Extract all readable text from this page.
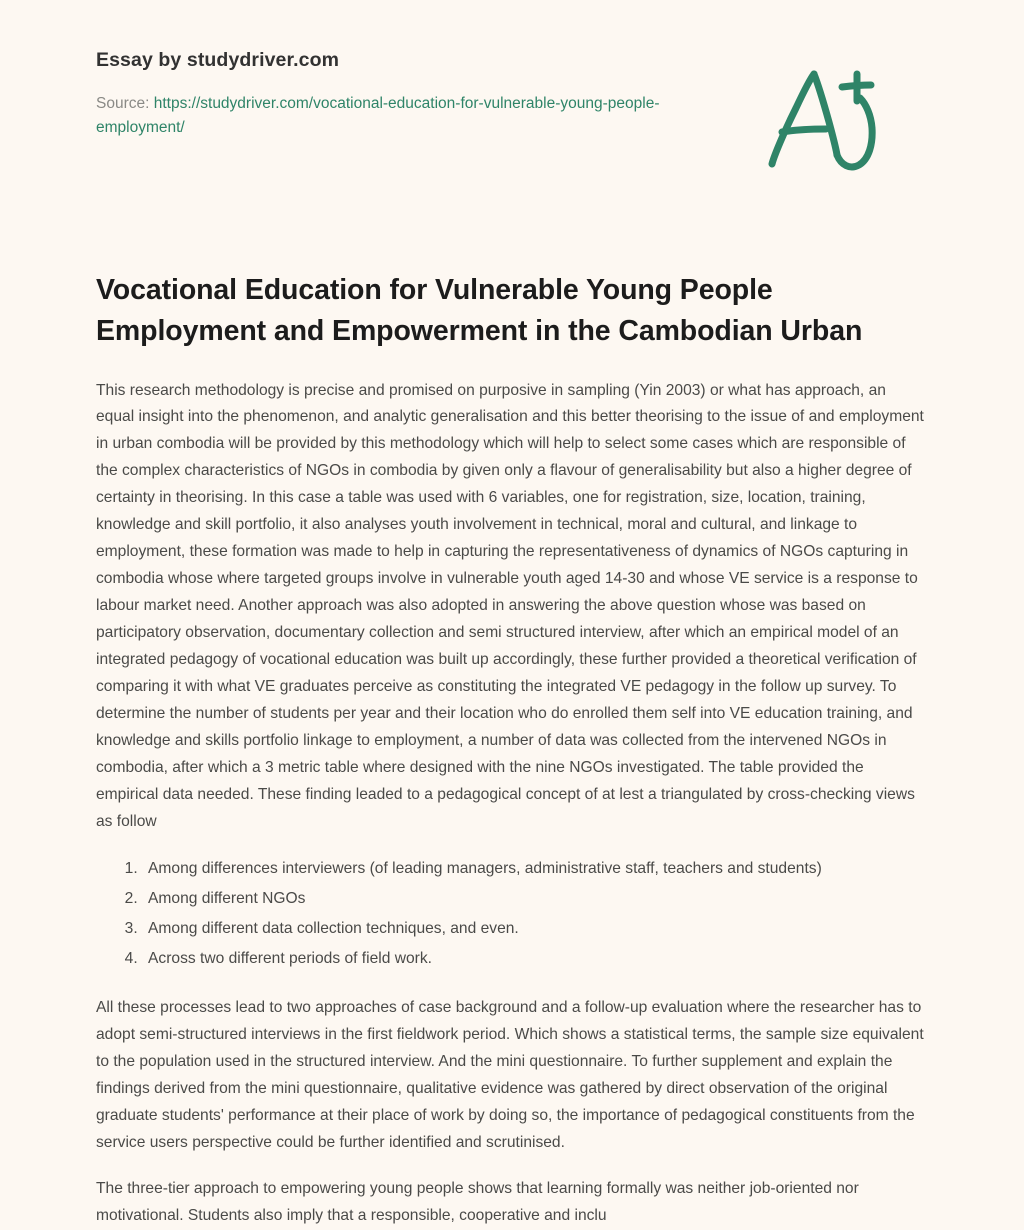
Essay by studydriver.com
Source: https://studydriver.com/vocational-education-for-vulnerable-young-people-employment/
Vocational Education for Vulnerable Young People Employment and Empowerment in the Cambodian Urban

This research methodology is precise and promised on purposive in sampling (Yin 2003) or what has approach, an equal insight into the phenomenon, and analytic generalisation and this better theorising to the issue of and employment in urban combodia will be provided by this methodology which will help to select some cases which are responsible of the complex characteristics of NGOs in combodia by given only a flavour of generalisability but also a higher degree of certainty in theorising. In this case a table was used with 6 variables, one for registration, size, location, training, knowledge and skill portfolio, it also analyses youth involvement in technical, moral and cultural, and linkage to employment, these formation was made to help in capturing the representativeness of dynamics of NGOs capturing in combodia whose where targeted groups involve in vulnerable youth aged 14-30 and whose VE service is a response to labour market need. Another approach was also adopted in answering the above question whose was based on participatory observation, documentary collection and semi structured interview, after which an empirical model of an integrated pedagogy of vocational education was built up accordingly, these further provided a theoretical verification of comparing it with what VE graduates perceive as constituting the integrated VE pedagogy in the follow up survey. To determine the number of students per year and their location who do enrolled them self into VE education training, and knowledge and skills portfolio linkage to employment, a number of data was collected from the intervened NGOs in combodia, after which a 3 metric table where designed with the nine NGOs investigated. The table provided the empirical data needed. These finding leaded to a pedagogical concept of at lest a triangulated by cross-checking views as follow

1. Among differences interviewers (of leading managers, administrative staff, teachers and students)
2. Among different NGOs
3. Among different data collection techniques, and even.
4. Across two different periods of field work.

All these processes lead to two approaches of case background and a follow-up evaluation where the researcher has to adopt semi-structured interviews in the first fieldwork period. Which shows a statistical terms, the sample size equivalent to the population used in the structured interview. And the mini questionnaire. To further supplement and explain the findings derived from the mini questionnaire, qualitative evidence was gathered by direct observation of the original graduate students' performance at their place of work by doing so, the importance of pedagogical constituents from the service users perspective could be further identified and scrutinised.

The three-tier approach to empowering young people shows that learning formally was neither job-oriented nor motivational. Students also imply that a responsible, cooperative and inclu
